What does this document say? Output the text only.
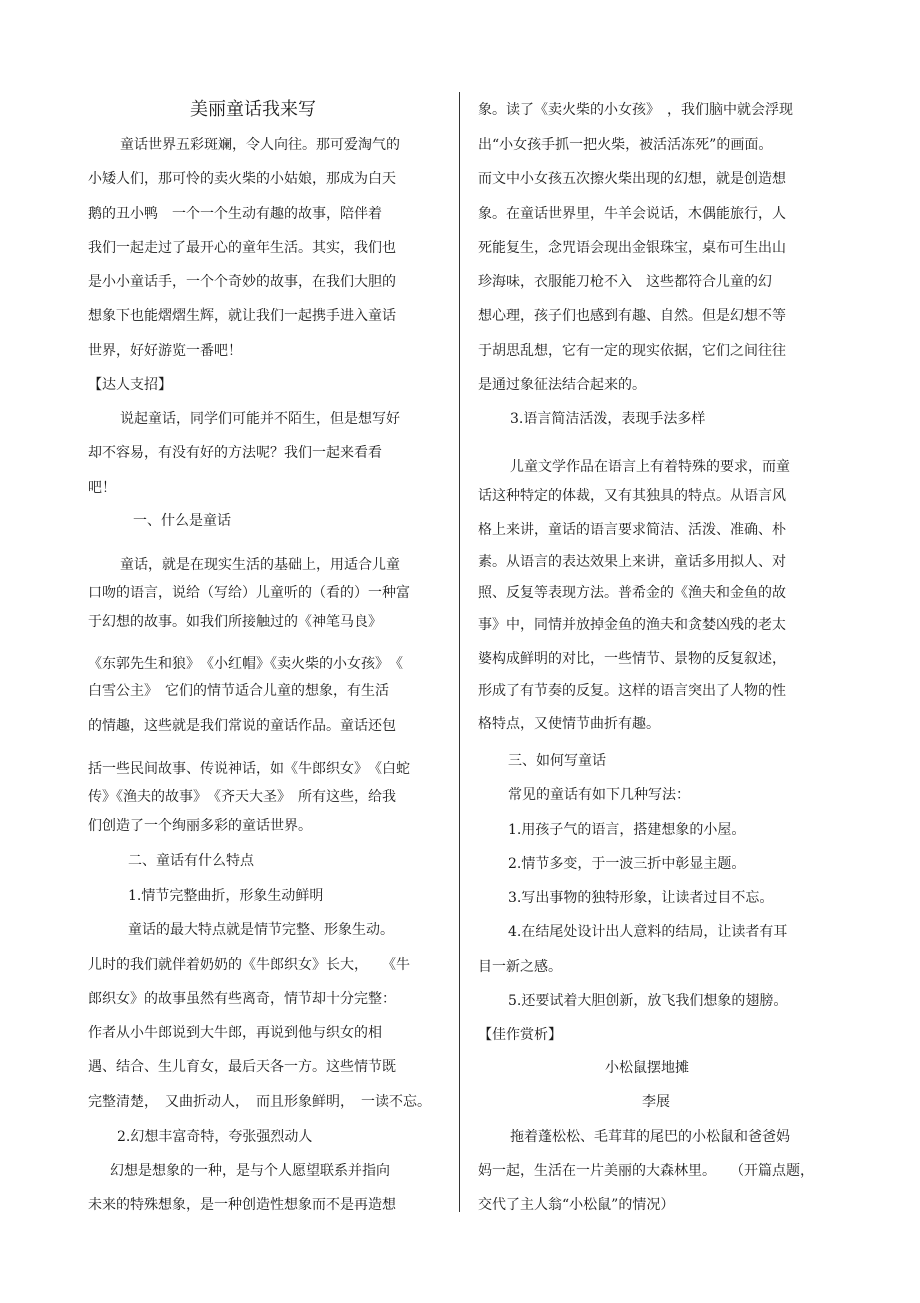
美丽童话我来写
童话世界五彩斑斓，令人向往。那可爱淘气的
小矮人们，那可怜的卖火柴的小姑娘，那成为白天
鹅的丑小鸭　一个一个生动有趣的故事，陪伴着
我们一起走过了最开心的童年生活。其实，我们也
是小小童话手，一个个奇妙的故事，在我们大胆的
想象下也能熠熠生辉，就让我们一起携手进入童话
世界，好好游览一番吧！
【达人支招】
说起童话，同学们可能并不陌生，但是想写好
却不容易，有没有好的方法呢？我们一起来看看
吧！
一、什么是童话
童话，就是在现实生活的基础上，用适合儿童
口吻的语言，说给（写给）儿童听的（看的）一种富
于幻想的故事。如我们所接触过的《神笔马良》
《东郭先生和狼》　《小红帽》《卖火柴的小女孩》　《
白雪公主》　它们的情节适合儿童的想象，有生活
的情趣，这些就是我们常说的童话作品。童话还包
括一些民间故事、传说神话，如《牛郎织女》　《白蛇
传》《渔夫的故事》　《齐天大圣》　所有这些，给我
们创造了一个绚丽多彩的童话世界。
二、童话有什么特点
1.情节完整曲折，形象生动鲜明
童话的最大特点就是情节完整、形象生动。
儿时的我们就伴着奶奶的《牛郎织女》长大，　　《牛
郎织女》的故事虽然有些离奇，情节却十分完整：
作者从小牛郎说到大牛郎，再说到他与织女的相
遇、结合、生儿育女，最后天各一方。这些情节既
完整清楚，　又曲折动人，　而且形象鲜明，　一读不忘。
2.幻想丰富奇特，夸张强烈动人
幻想是想象的一种，是与个人愿望联系并指向
未来的特殊想象，是一种创造性想象而不是再造想
象。读了《卖火柴的小女孩》　，我们脑中就会浮现
出“小女孩手抓一把火柴，被活活冻死”的画面。
而文中小女孩五次擦火柴出现的幻想，就是创造想
象。在童话世界里，牛羊会说话，木偶能旅行，人
死能复生，念咒语会现出金银珠宝，桌布可生出山
珍海味，衣服能刀枪不入　这些都符合儿童的幻
想心理，孩子们也感到有趣、自然。但是幻想不等
于胡思乱想，它有一定的现实依据，它们之间往往
是通过象征法结合起来的。
3.语言简洁活泼，表现手法多样
儿童文学作品在语言上有着特殊的要求，而童
话这种特定的体裁，又有其独具的特点。从语言风
格上来讲，童话的语言要求简洁、活泼、准确、朴
素。从语言的表达效果上来讲，童话多用拟人、对
照、反复等表现方法。普希金的《渔夫和金鱼的故
事》中，同情并放掉金鱼的渔夫和贪婪凶残的老太
婆构成鲜明的对比，一些情节、景物的反复叙述，
形成了有节奏的反复。这样的语言突出了人物的性
格特点，又使情节曲折有趣。
三、如何写童话
常见的童话有如下几种写法：
1.用孩子气的语言，搭建想象的小屋。
2.情节多变，于一波三折中彰显主题。
3.写出事物的独特形象，让读者过目不忘。
4.在结尾处设计出人意料的结局，让读者有耳
目一新之感。
5.还要试着大胆创新，放飞我们想象的翅膀。
【佳作赏析】
小松鼠摆地摊
李展
拖着蓬松松、毛茸茸的尾巴的小松鼠和爸爸妈
妈一起，生活在一片美丽的大森林里。　　（开篇点题，
交代了主人翁“小松鼠”的情况）
